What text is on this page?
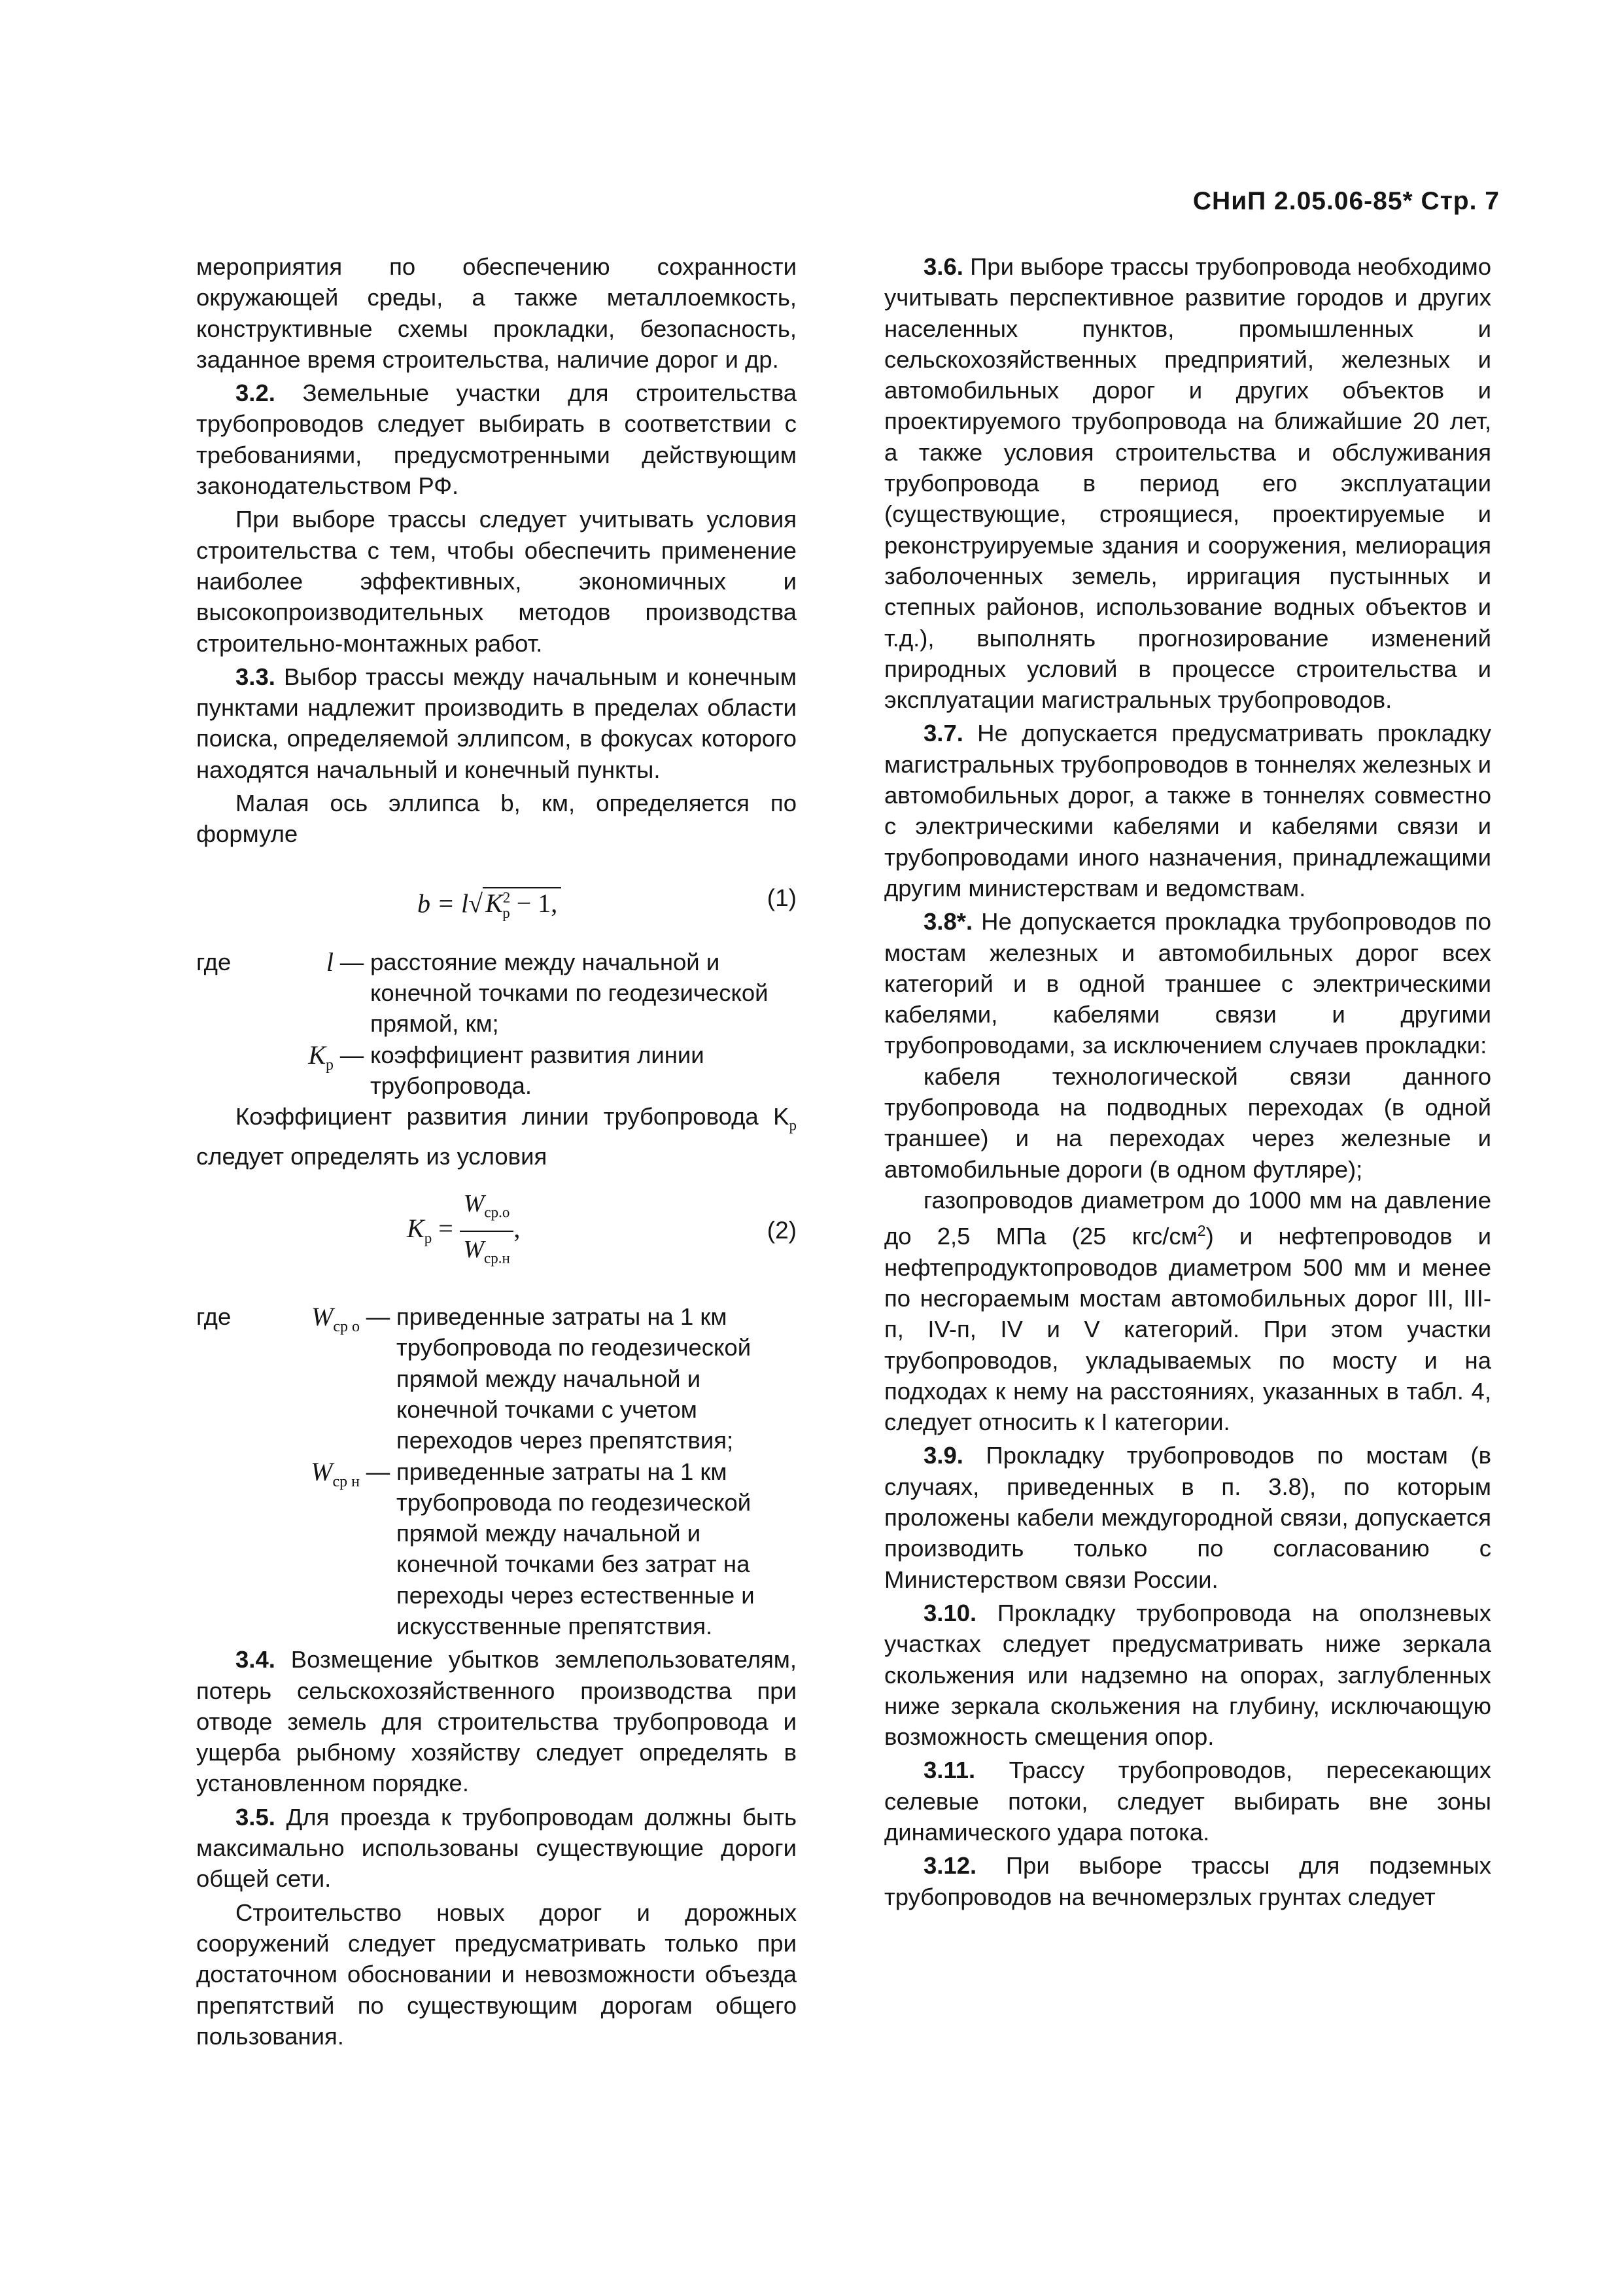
СНиП 2.05.06-85* Стр. 7

мероприятия по обеспечению сохранности окружающей среды, а также металлоемкость, конструктивные схемы прокладки, безопасность, заданное время строительства, наличие дорог и др.

3.2. Земельные участки для строительства трубопроводов следует выбирать в соответствии с требованиями, предусмотренными действующим законодательством РФ.

При выборе трассы следует учитывать условия строительства с тем, чтобы обеспечить применение наиболее эффективных, экономичных и высокопроизводительных методов производства строительно-монтажных работ.

3.3. Выбор трассы между начальным и конечным пунктами надлежит производить в пределах области поиска, определяемой эллипсом, в фокусах которого находятся начальный и конечный пункты.

Малая ось эллипса b, км, определяется по формуле

b = l√ $K^2_р - 1$,	(1)
где	l — расстояние между начальной и конечной точками по геодезической прямой, км;
$K_р$ — коэффициент развития линии трубопровода.

Коэффициент развития линии трубопровода $K_р$ следует определять из условия

$K_р = \frac{W_{ср.о}}{W_{ср.н}}$ ,	(2)
где	$W_{ср о}$ — приведенные затраты на 1 км трубопровода по геодезической прямой между начальной и конечной точками с учетом переходов через препятствия;
$W_{ср н}$ — приведенные затраты на 1 км трубопровода по геодезической прямой между начальной и конечной точками без затрат на переходы через естественные и искусственные препятствия.

3.4. Возмещение убытков землепользователям, потерь сельскохозяйственного производства при отводе земель для строительства трубопровода и ущерба рыбному хозяйству следует определять в установленном порядке.

3.5. Для проезда к трубопроводам должны быть максимально использованы существующие дороги общей сети.

Строительство новых дорог и дорожных сооружений следует предусматривать только при достаточном обосновании и невозможности объезда препятствий по существующим дорогам общего пользования.

3.6. При выборе трассы трубопровода необходимо учитывать перспективное развитие городов и других населенных пунктов, промышленных и сельскохозяйственных предприятий, железных и автомобильных дорог и других объектов и проектируемого трубопровода на ближайшие 20 лет, а также условия строительства и обслуживания трубопровода в период его эксплуатации (существующие, строящиеся, проектируемые и реконструируемые здания и сооружения, мелиорация заболоченных земель, ирригация пустынных и степных районов, использование водных объектов и т.д.), выполнять прогнозирование изменений природных условий в процессе строительства и эксплуатации магистральных трубопроводов.

3.7. Не допускается предусматривать прокладку магистральных трубопроводов в тоннелях железных и автомобильных дорог, а также в тоннелях совместно с электрическими кабелями и кабелями связи и трубопроводами иного назначения, принадлежащими другим министерствам и ведомствам.

3.8*. Не допускается прокладка трубопроводов по мостам железных и автомобильных дорог всех категорий и в одной траншее с электрическими кабелями, кабелями связи и другими трубопроводами, за исключением случаев прокладки:

кабеля технологической связи данного трубопровода на подводных переходах (в одной траншее) и на переходах через железные и автомобильные дороги (в одном футляре);

газопроводов диаметром до 1000 мм на давление до 2,5 МПа (25 кгс/$см^2$) и нефтепроводов и нефтепродуктопроводов диаметром 500 мм и менее по несгораемым мостам автомобильных дорог III, III-п, IV-п, IV и V категорий. При этом участки трубопроводов, укладываемых по мосту и на подходах к нему на расстояниях, указанных в табл. 4, следует относить к I категории.

3.9. Прокладку трубопроводов по мостам (в случаях, приведенных в п. 3.8), по которым проложены кабели междугородной связи, допускается производить только по согласованию с Министерством связи России.

3.10. Прокладку трубопровода на оползневых участках следует предусматривать ниже зеркала скольжения или надземно на опорах, заглубленных ниже зеркала скольжения на глубину, исключающую возможность смещения опор.

3.11. Трассу трубопроводов, пересекающих селевые потоки, следует выбирать вне зоны динамического удара потока.

3.12. При выборе трассы для подземных трубопроводов на вечномерзлых грунтах следует
